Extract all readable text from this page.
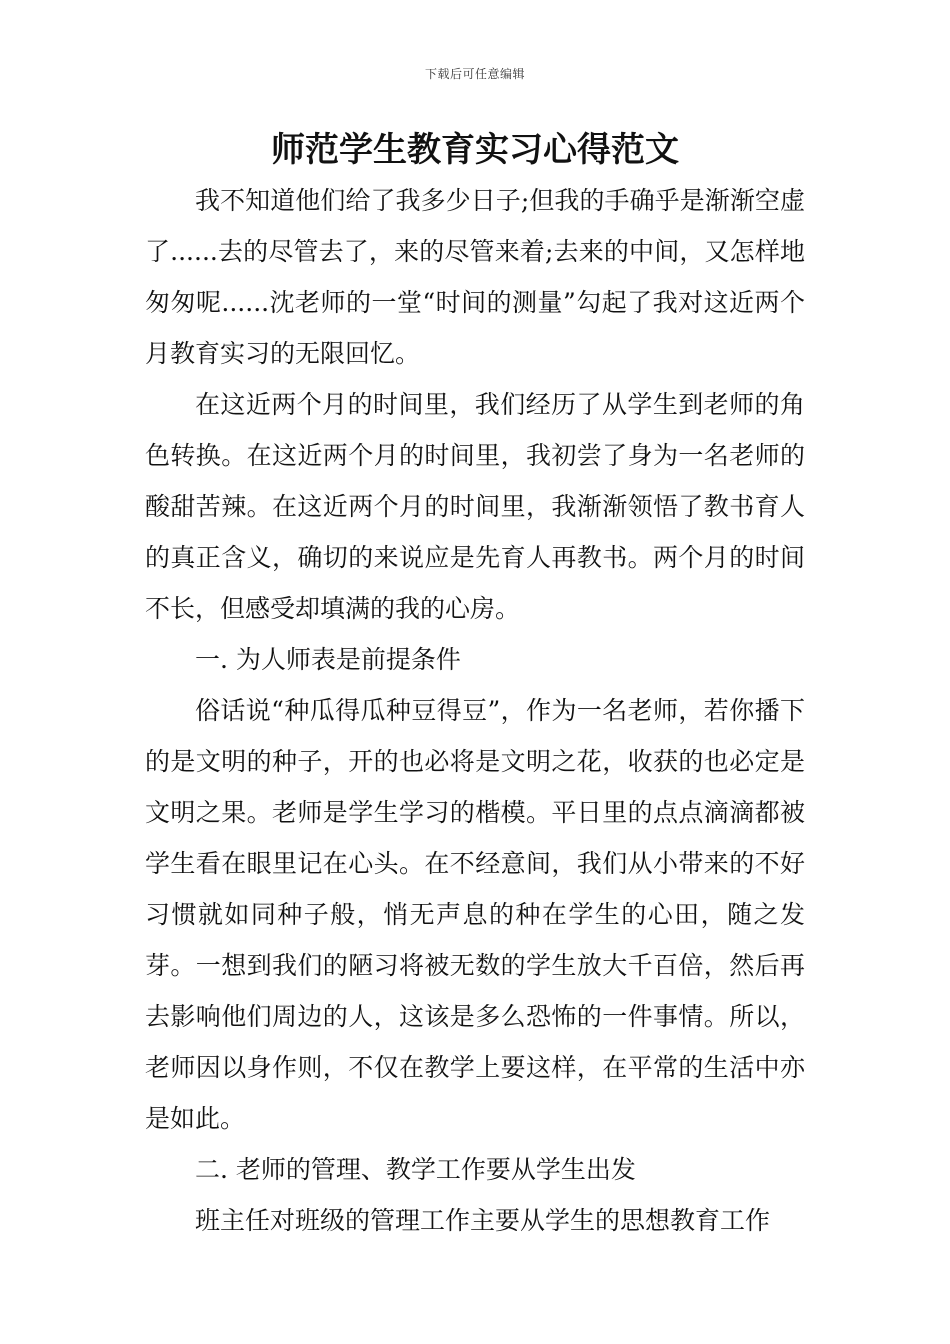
下载后可任意编辑
师范学生教育实习心得范文

我不知道他们给了我多少日子;但我的手确乎是渐渐空虚了......去的尽管去了，来的尽管来着;去来的中间，又怎样地匆匆呢......沈老师的一堂“时间的测量”勾起了我对这近两个月教育实习的无限回忆。

在这近两个月的时间里，我们经历了从学生到老师的角色转换。在这近两个月的时间里，我初尝了身为一名老师的酸甜苦辣。在这近两个月的时间里，我渐渐领悟了教书育人的真正含义，确切的来说应是先育人再教书。两个月的时间不长，但感受却填满的我的心房。

一. 为人师表是前提条件

俗话说“种瓜得瓜种豆得豆”，作为一名老师，若你播下的是文明的种子，开的也必将是文明之花，收获的也必定是文明之果。老师是学生学习的楷模。平日里的点点滴滴都被学生看在眼里记在心头。在不经意间，我们从小带来的不好习惯就如同种子般，悄无声息的种在学生的心田，随之发芽。一想到我们的陋习将被无数的学生放大千百倍，然后再去影响他们周边的人，这该是多么恐怖的一件事情。所以，老师因以身作则，不仅在教学上要这样，在平常的生活中亦是如此。

二. 老师的管理、教学工作要从学生出发

班主任对班级的管理工作主要从学生的思想教育工作
